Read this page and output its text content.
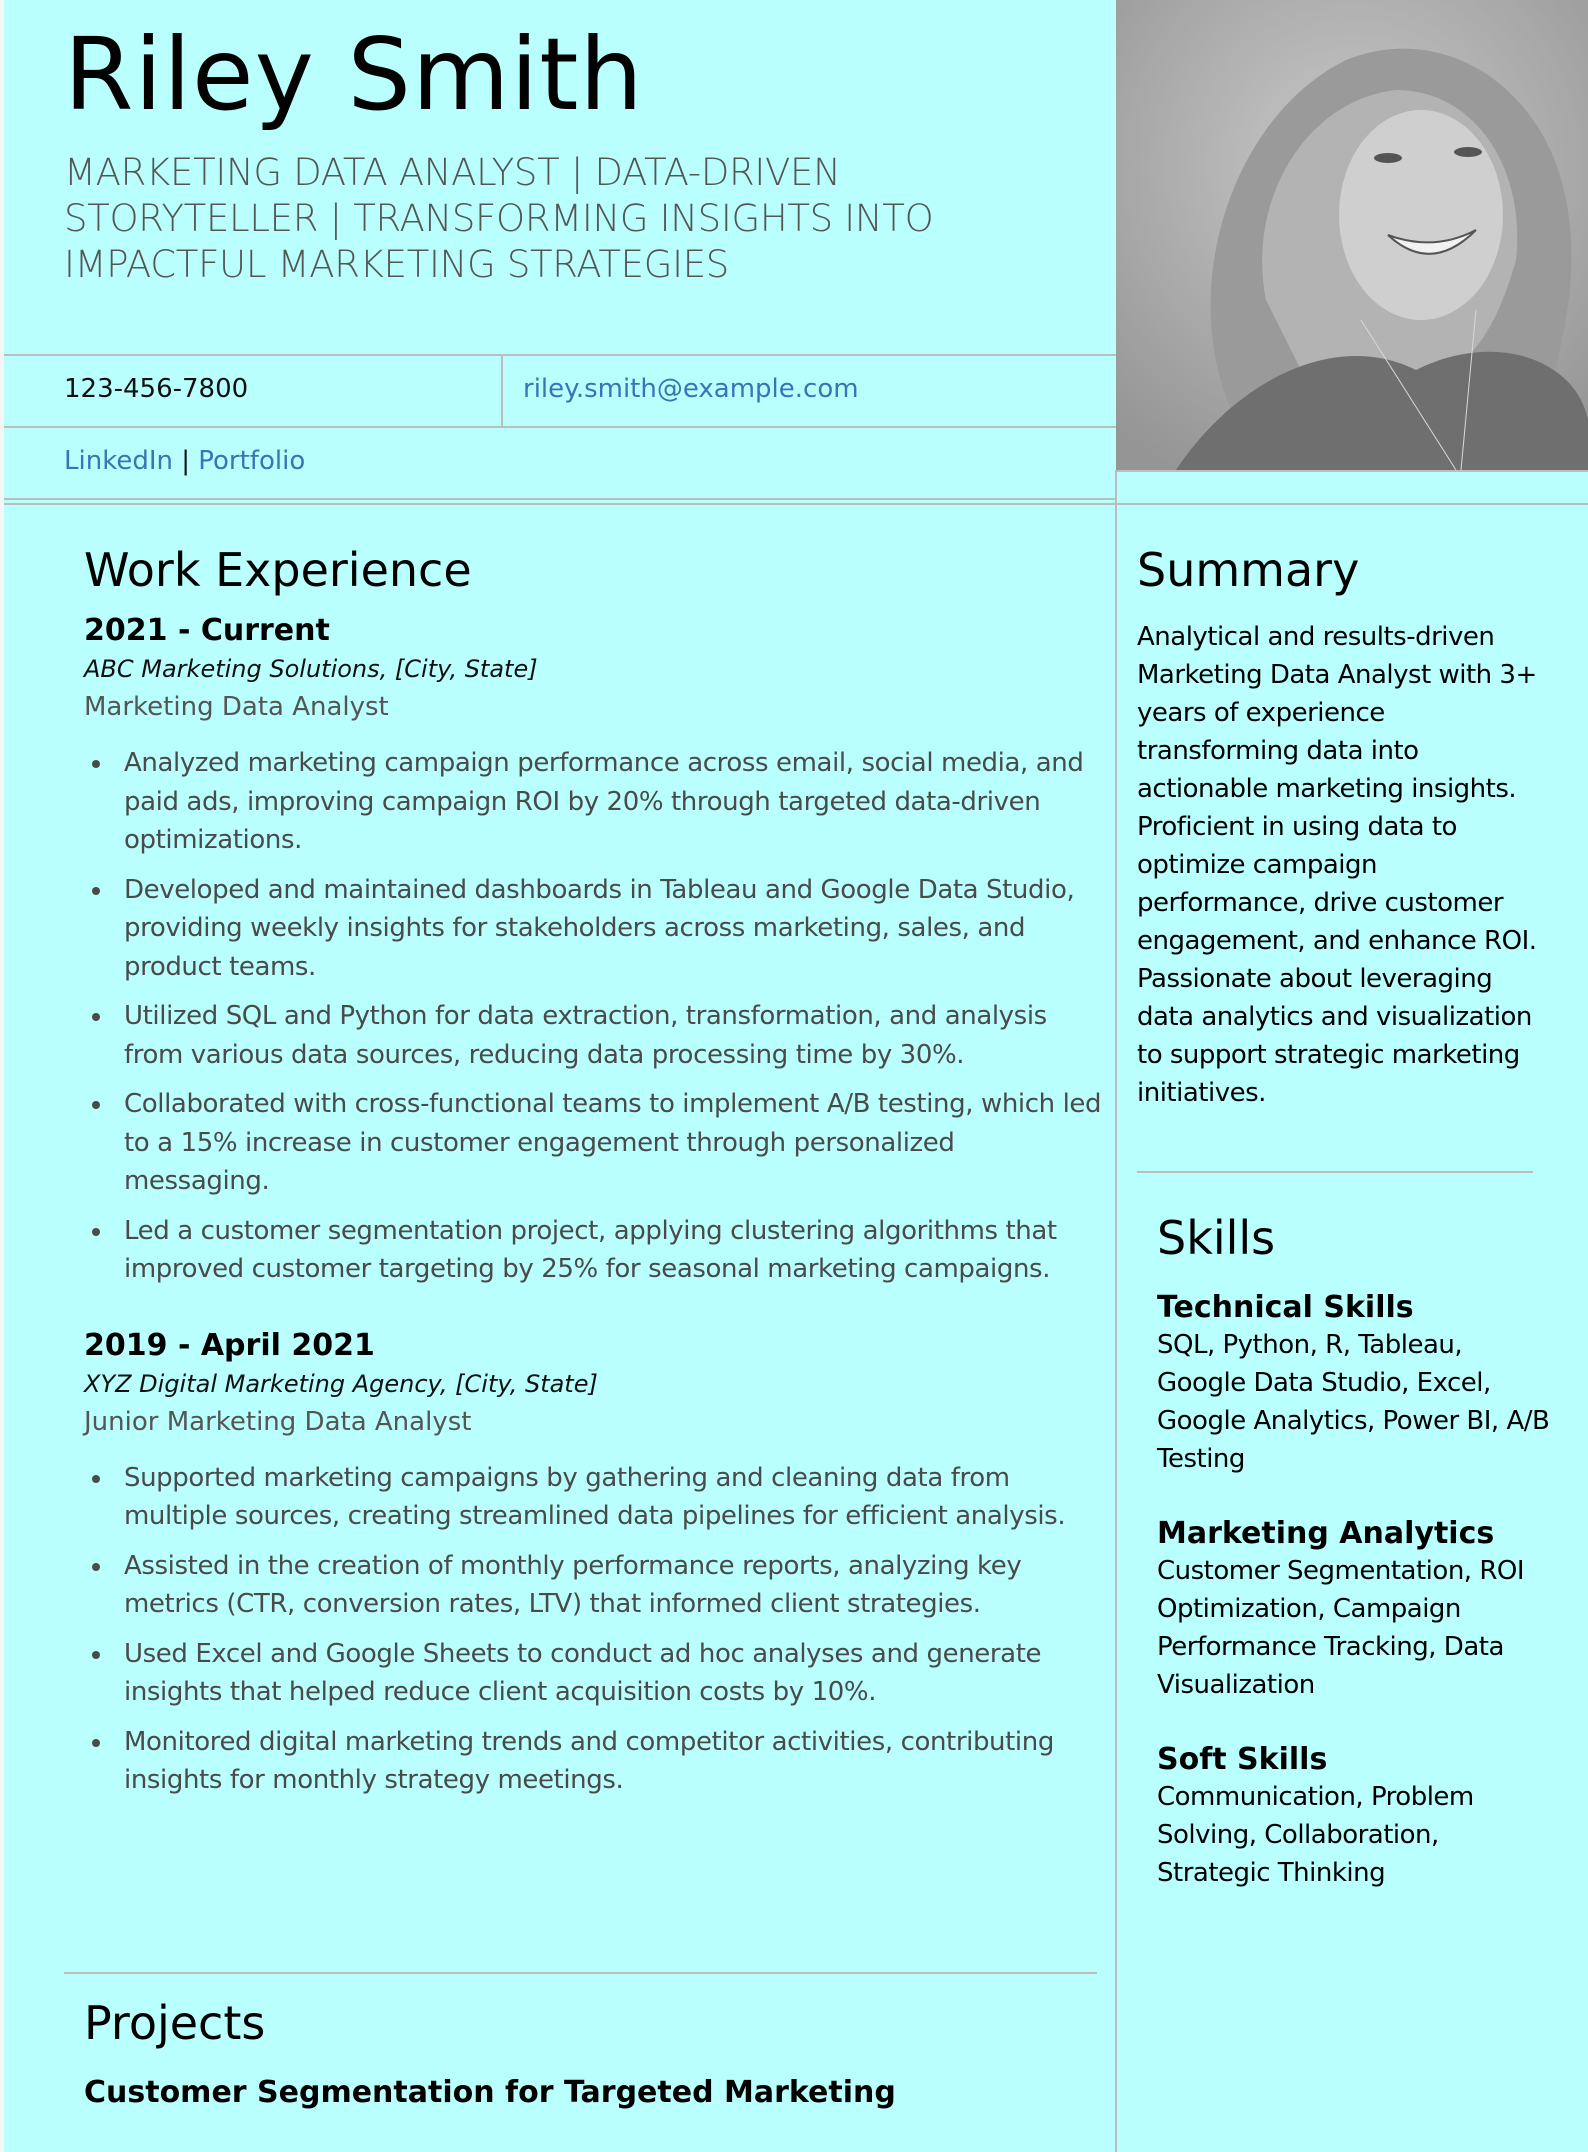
Riley Smith
MARKETING DATA ANALYST | DATA-DRIVEN STORYTELLER | TRANSFORMING INSIGHTS INTO IMPACTFUL MARKETING STRATEGIES
123-456-7800	riley.smith@example.com
LinkedIn | Portfolio
Work Experience
2021 - Current
ABC Marketing Solutions, [City, State]
Marketing Data Analyst
Analyzed marketing campaign performance across email, social media, and paid ads, improving campaign ROI by 20% through targeted data-driven optimizations.
Developed and maintained dashboards in Tableau and Google Data Studio, providing weekly insights for stakeholders across marketing, sales, and product teams.
Utilized SQL and Python for data extraction, transformation, and analysis from various data sources, reducing data processing time by 30%.
Collaborated with cross-functional teams to implement A/B testing, which led to a 15% increase in customer engagement through personalized messaging.
Led a customer segmentation project, applying clustering algorithms that improved customer targeting by 25% for seasonal marketing campaigns.
2019 - April 2021
XYZ Digital Marketing Agency, [City, State]
Junior Marketing Data Analyst
Supported marketing campaigns by gathering and cleaning data from multiple sources, creating streamlined data pipelines for efficient analysis.
Assisted in the creation of monthly performance reports, analyzing key metrics (CTR, conversion rates, LTV) that informed client strategies.
Used Excel and Google Sheets to conduct ad hoc analyses and generate insights that helped reduce client acquisition costs by 10%.
Monitored digital marketing trends and competitor activities, contributing insights for monthly strategy meetings.
Projects
Customer Segmentation for Targeted Marketing
Summary
Analytical and results-driven Marketing Data Analyst with 3+ years of experience transforming data into actionable marketing insights. Proficient in using data to optimize campaign performance, drive customer engagement, and enhance ROI. Passionate about leveraging data analytics and visualization to support strategic marketing initiatives.
Skills
Technical Skills
SQL, Python, R, Tableau, Google Data Studio, Excel, Google Analytics, Power BI, A/B Testing
Marketing Analytics
Customer Segmentation, ROI Optimization, Campaign Performance Tracking, Data Visualization
Soft Skills
Communication, Problem Solving, Collaboration, Strategic Thinking
